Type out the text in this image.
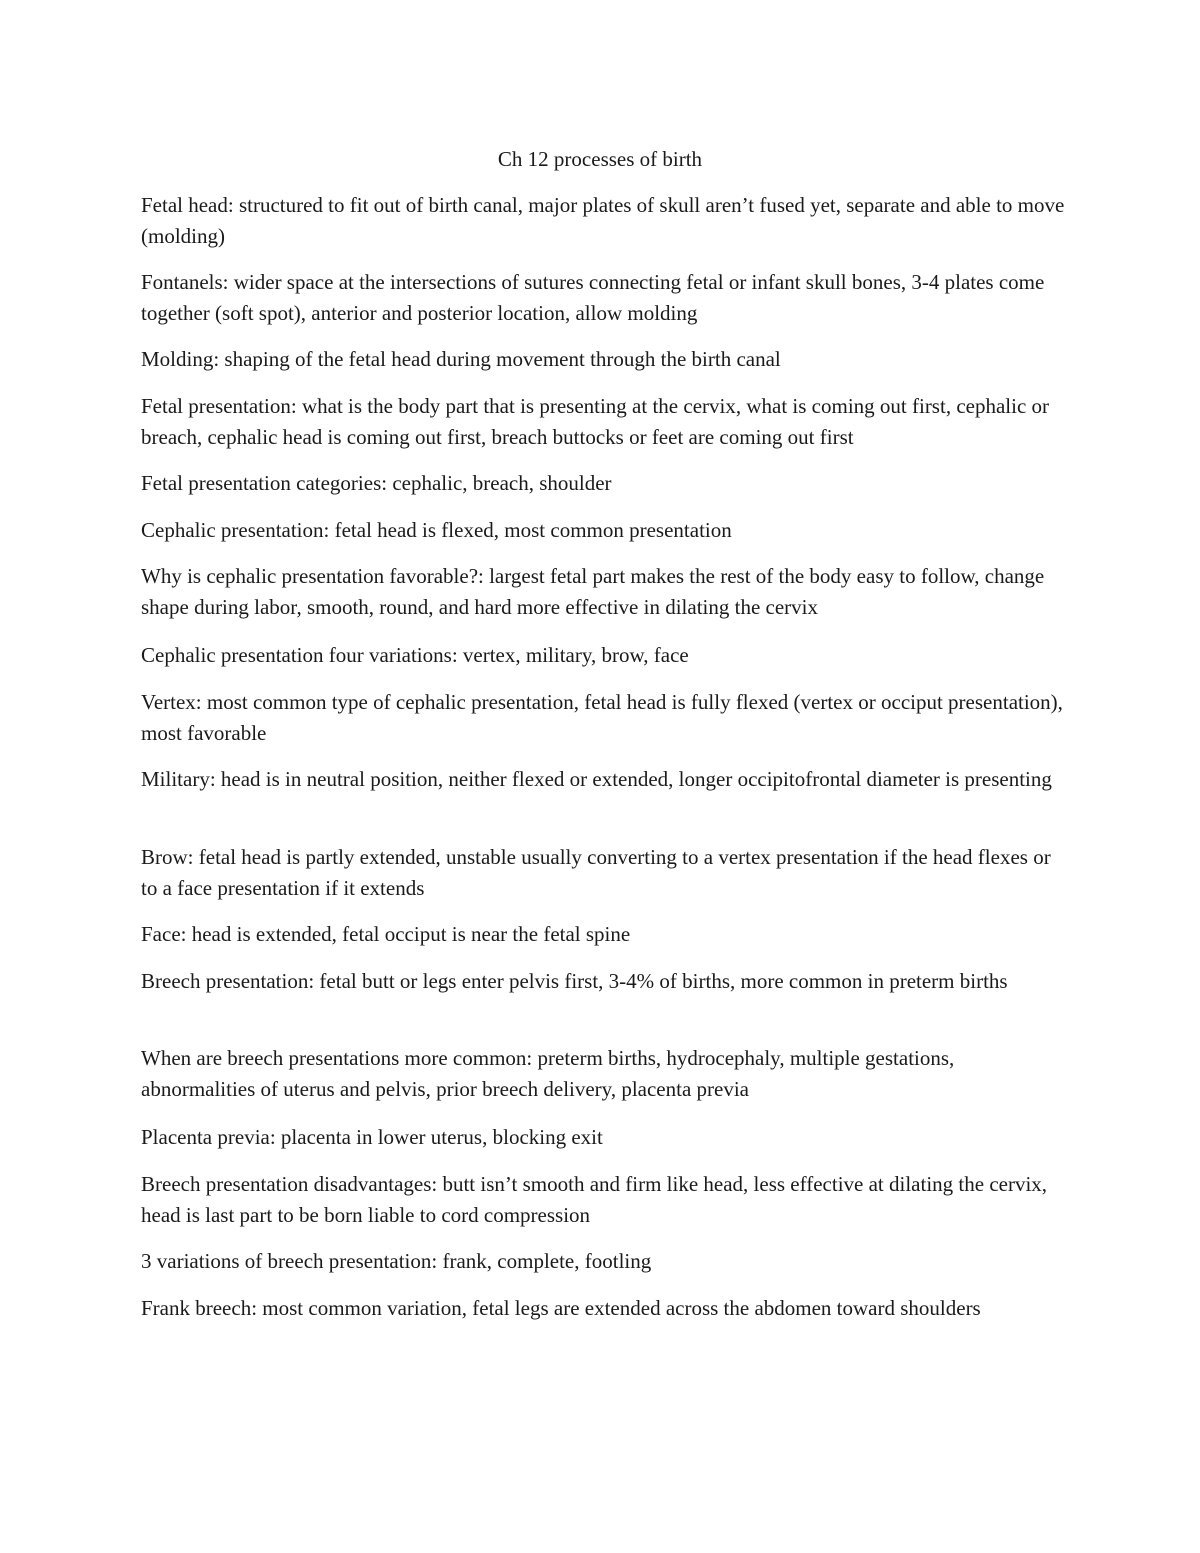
Ch 12 processes of birth

Fetal head: structured to fit out of birth canal, major plates of skull aren’t fused yet, separate and able to move (molding)

Fontanels: wider space at the intersections of sutures connecting fetal or infant skull bones, 3-4 plates come together (soft spot), anterior and posterior location, allow molding

Molding: shaping of the fetal head during movement through the birth canal

Fetal presentation: what is the body part that is presenting at the cervix, what is coming out first, cephalic or breach, cephalic head is coming out first, breach buttocks or feet are coming out first

Fetal presentation categories: cephalic, breach, shoulder

Cephalic presentation: fetal head is flexed, most common presentation

Why is cephalic presentation favorable?: largest fetal part makes the rest of the body easy to follow, change shape during labor, smooth, round, and hard more effective in dilating the cervix

Cephalic presentation four variations: vertex, military, brow, face

Vertex: most common type of cephalic presentation, fetal head is fully flexed (vertex or occiput presentation), most favorable

Military: head is in neutral position, neither flexed or extended, longer occipitofrontal diameter is presenting

Brow: fetal head is partly extended, unstable usually converting to a vertex presentation if the head flexes or to a face presentation if it extends

Face: head is extended, fetal occiput is near the fetal spine

Breech presentation: fetal butt or legs enter pelvis first, 3-4% of births, more common in preterm births

When are breech presentations more common: preterm births, hydrocephaly, multiple gestations, abnormalities of uterus and pelvis, prior breech delivery, placenta previa

Placenta previa: placenta in lower uterus, blocking exit

Breech presentation disadvantages: butt isn’t smooth and firm like head, less effective at dilating the cervix, head is last part to be born liable to cord compression

3 variations of breech presentation: frank, complete, footling

Frank breech: most common variation, fetal legs are extended across the abdomen toward shoulders
